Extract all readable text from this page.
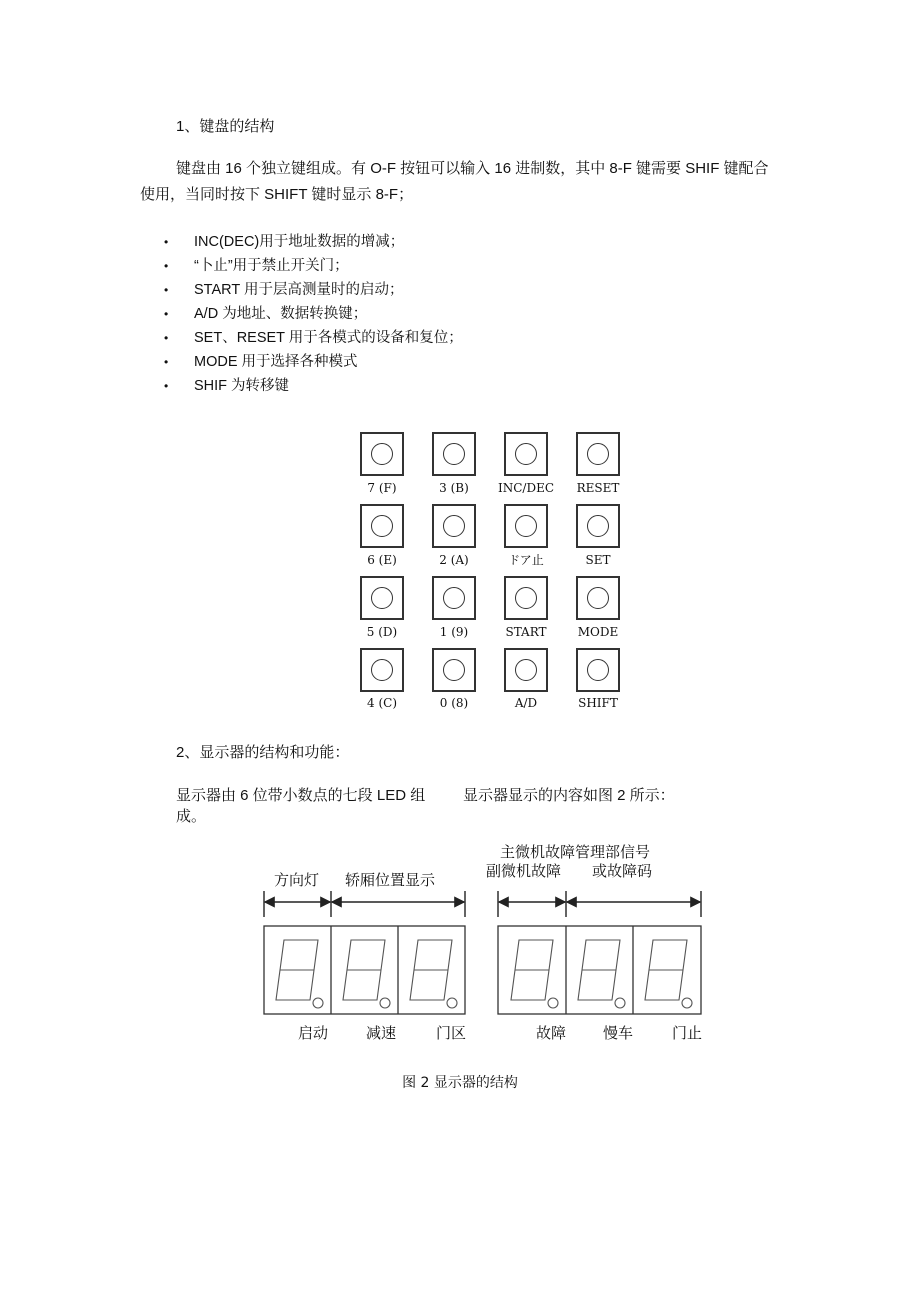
1、键盘的结构
键盘由 16 个独立键组成。有 O-F 按钮可以输入 16 进制数，其中 8-F 键需要 SHIF 键配合
使用，当同时按下 SHIFT 键时显示 8-F；
• INC(DEC)用于地址数据的增减；
• “卜止”用于禁止开关门；
• START 用于层高测量时的启动；
• A/D 为地址、数据转换键；
• SET、RESET 用于各模式的设备和复位；
• MODE 用于选择各种模式
• SHIF 为转移键
7 (F)	3 (B)	INC/DEC	RESET
6 (E)	2 (A)	ドア止	SET
5 (D)	1 (9)	START	MODE
4 (C)	0 (8)	A/D	SHIFT
2、显示器的结构和功能：
显示器由 6 位带小数点的七段 LED 组
成。
显示器显示的内容如图 2 所示：
主微机故障管理部信号
副微机故障 或故障码
方向灯 轿厢位置显示
启动	减速	门区	故障 慢车	门止
图 2 显示器的结构
